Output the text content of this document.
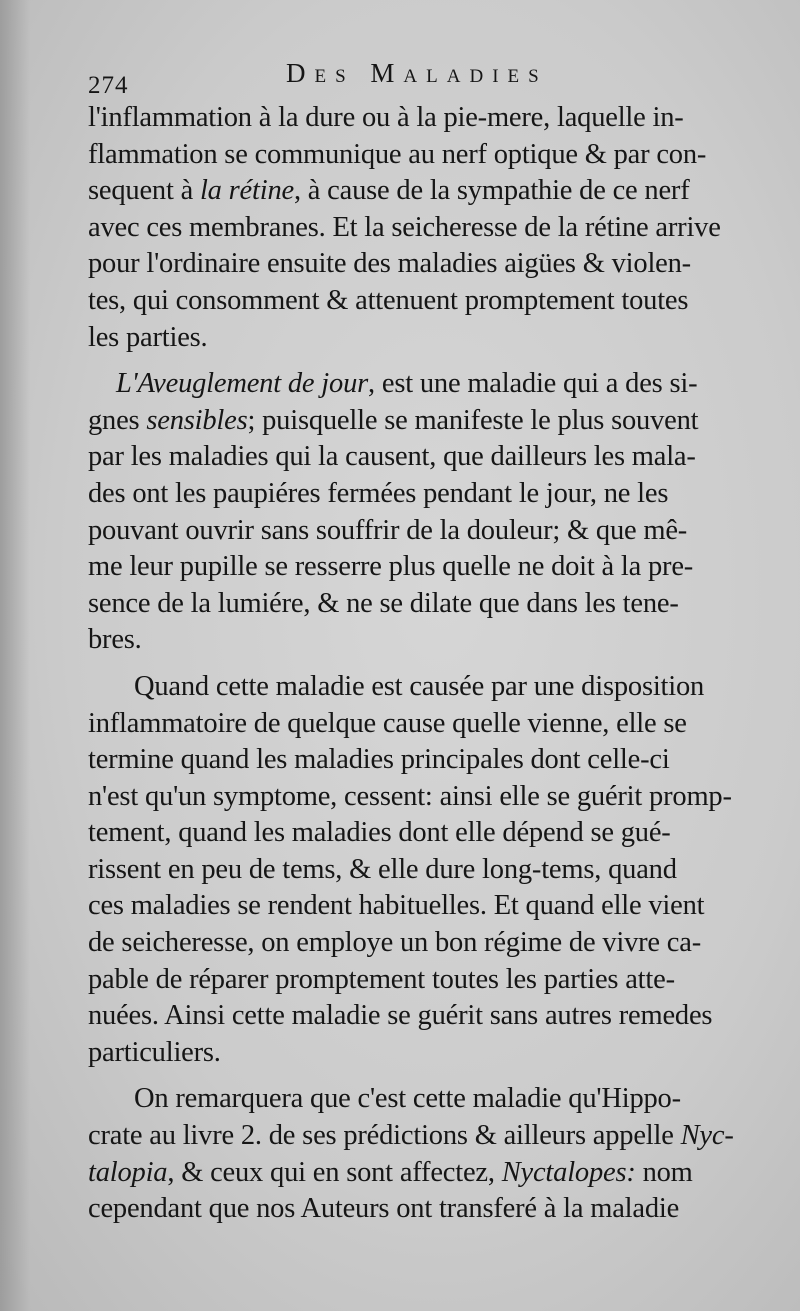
274	Des Maladies
l'inflammation à la dure ou à la pie-mere, laquelle in-
flammation se communique au nerf optique & par con-
sequent à la rétine, à cause de la sympathie de ce nerf
avec ces membranes. Et la seicheresse de la rétine arrive
pour l'ordinaire ensuite des maladies aigües & violen-
tes, qui consomment & attenuent promptement toutes
les parties.
L'Aveuglement de jour, est une maladie qui a des si-
gnes sensibles; puisquelle se manifeste le plus souvent
par les maladies qui la causent, que dailleurs les mala-
des ont les paupiéres fermées pendant le jour, ne les
pouvant ouvrir sans souffrir de la douleur; & que mê-
me leur pupille se resserre plus quelle ne doit à la pre-
sence de la lumiére, & ne se dilate que dans les tene-
bres.
Quand cette maladie est causée par une disposition
inflammatoire de quelque cause quelle vienne, elle se
termine quand les maladies principales dont celle-ci
n'est qu'un symptome, cessent: ainsi elle se guérit promp-
tement, quand les maladies dont elle dépend se gué-
rissent en peu de tems, & elle dure long-tems, quand
ces maladies se rendent habituelles. Et quand elle vient
de seicheresse, on employe un bon régime de vivre ca-
pable de réparer promptement toutes les parties atte-
nuées. Ainsi cette maladie se guérit sans autres remedes
particuliers.
On remarquera que c'est cette maladie qu'Hippo-
crate au livre 2. de ses prédictions & ailleurs appelle Nyc-
talopia, & ceux qui en sont affectez, Nyctalopes: nom
cependant que nos Auteurs ont transferé à la maladie
